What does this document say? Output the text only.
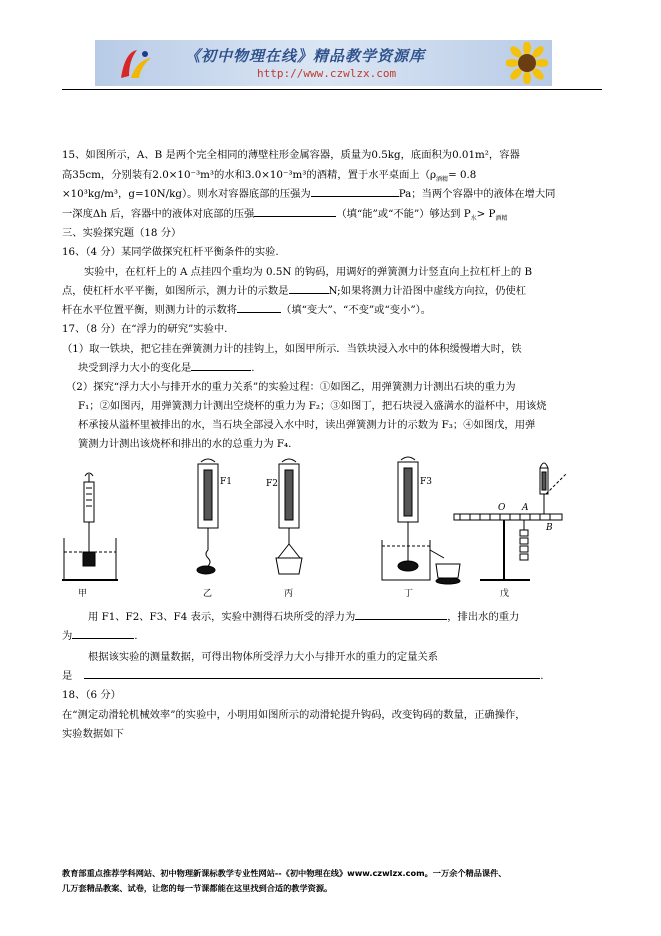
《初中物理在线》精品教学资源库
http://www.czwlzx.com
15、如图所示，A、B 是两个完全相同的薄壁柱形金属容器，质量为0.5kg，底面积为0.01m²，容器
高35cm，分别装有2.0×10⁻³m³的水和3.0×10⁻³m³的酒精，置于水平桌面上（$\rho_{酒精}= 0.8$
×10³kg/m³，g=10N/kg）。则水对容器底部的压强为	Pa；当两个容器中的液体在增大同
一深度Δh 后，容器中的液体对底部的压强	（填“能”或“不能”）够达到 $P_水> P_{酒精}$
三、实验探究题（18 分）
16、（4 分）某同学做探究杠杆平衡条件的实验.
实验中，在杠杆上的 A 点挂四个重均为 0.5N 的钩码，用调好的弹簧测力计竖直向上拉杠杆上的 B
点，使杠杆水平平衡，如图所示，测力计的示数是	N;如果将测力计沿图中虚线方向拉，仍使杠
杆在水平位置平衡，则测力计的示数将	（填“变大”、“不变”或“变小”）。
17、（8 分）在“浮力的研究”实验中.
（1）取一铁块，把它挂在弹簧测力计的挂钩上，如图甲所示．当铁块浸入水中的体积缓慢增大时，铁
块受到浮力大小的变化是	.
（2）探究“浮力大小与排开水的重力关系”的实验过程：①如图乙，用弹簧测力计测出石块的重力为
F₁；②如图丙，用弹簧测力计测出空烧杯的重力为 F₂；③如图丁，把石块浸入盛满水的溢杯中，用该烧
杯承接从溢杯里被排出的水，当石块全部浸入水中时，读出弹簧测力计的示数为 F₃；④如图戊，用弹
簧测力计测出该烧杯和排出的水的总重力为 F₄.
F1	F2	F3
O A
B
甲	乙	丙	丁	戊
用 F1、F2、F3、F4 表示，实验中测得石块所受的浮力为	，排出水的重力
为	.
根据该实验的测量数据，可得出物体所受浮力大小与排开水的重力的定量关系
是	.
18、（6 分）
在“测定动滑轮机械效率”的实验中，小明用如图所示的动滑轮提升钩码，改变钩码的数量，正确操作，
实验数据如下
教育部重点推荐学科网站、初中物理新课标教学专业性网站--《初中物理在线》www.czwlzx.com。一万余个精品课件、
几万套精品教案、试卷，让您的每一节课都能在这里找到合适的教学资源。
